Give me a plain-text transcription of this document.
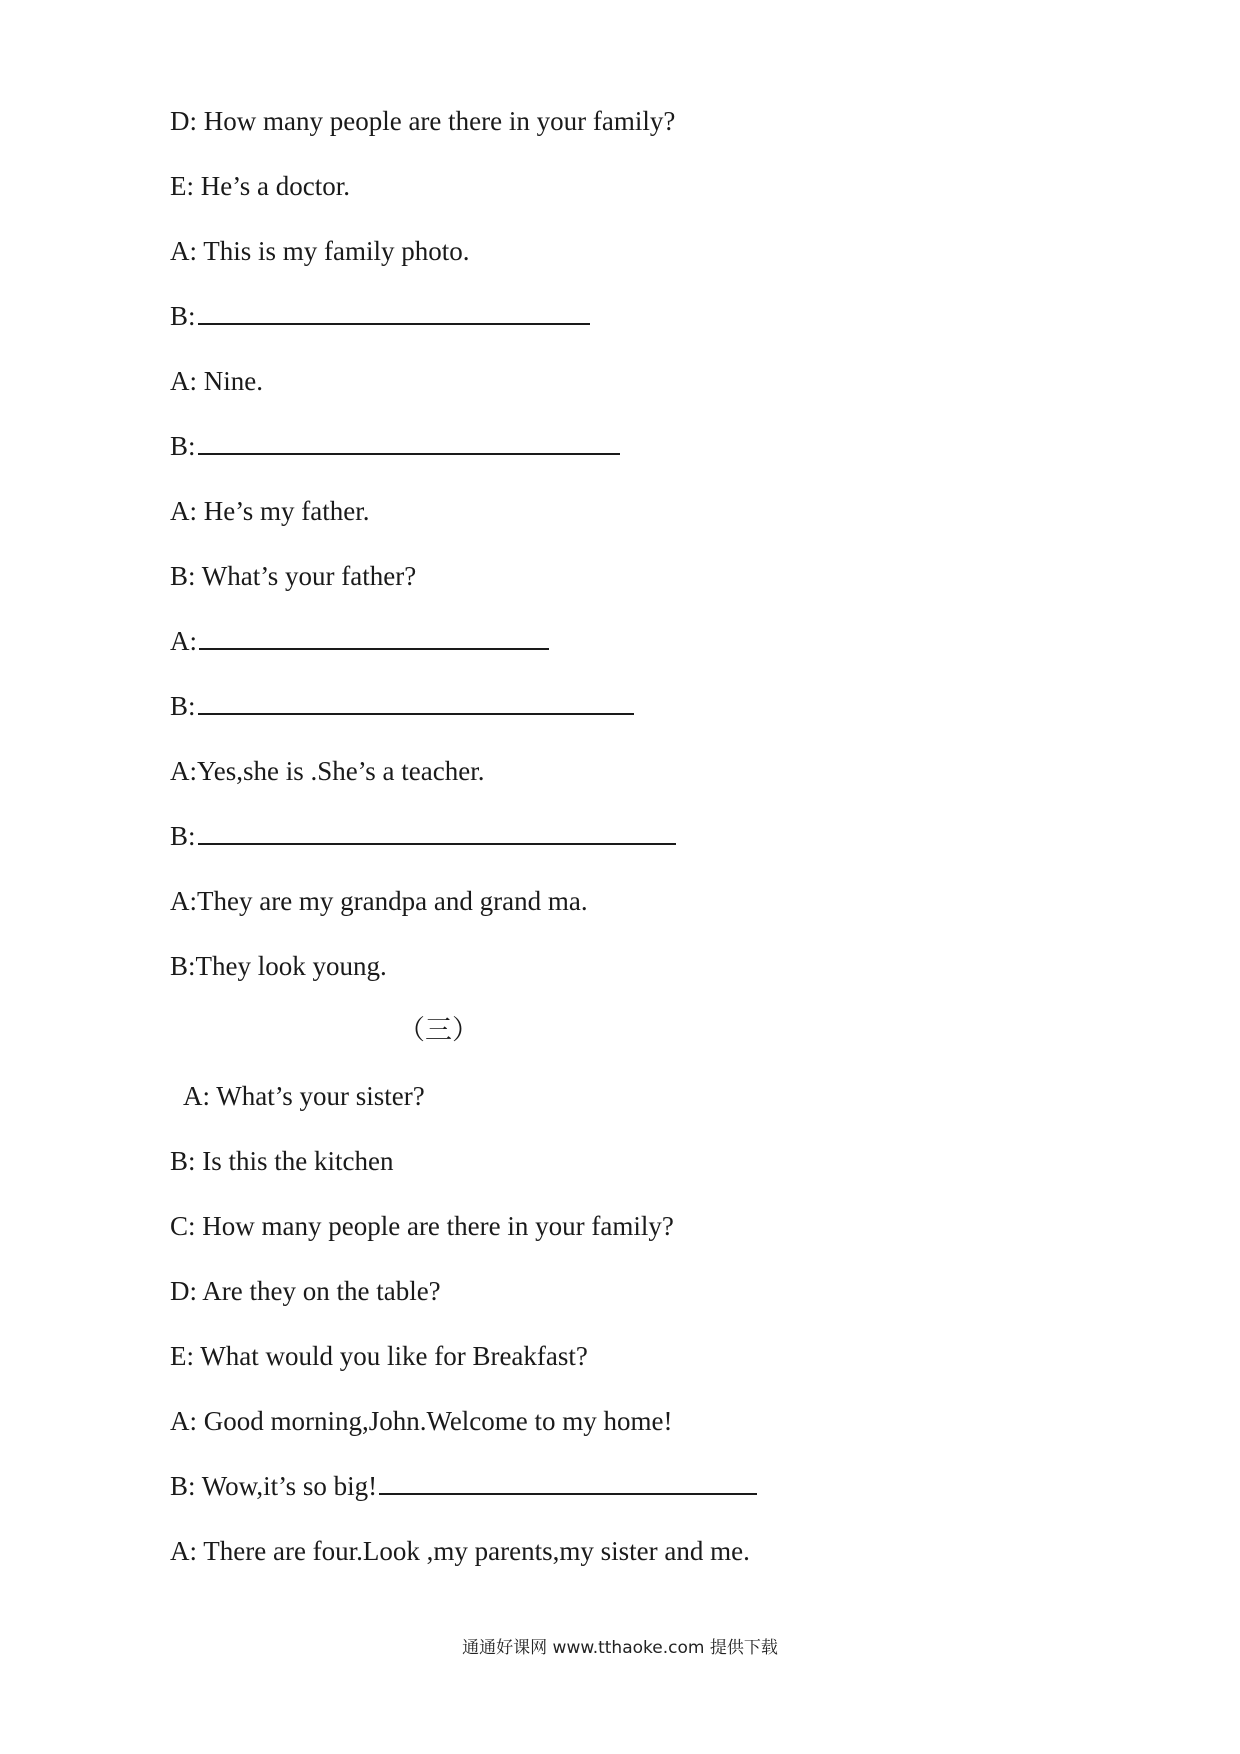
D: How many people are there in your family?
E: He’s a doctor.
A: This is my family photo.
B:
A: Nine.
B:
A: He’s my father.
B: What’s your father?
A:
B:
A:Yes,she is .She’s a teacher.
B:
A:They are my grandpa and grand ma.
B:They look young.
（三）
A: What’s your sister?
B: Is this the kitchen
C: How many people are there in your family?
D: Are they on the table?
E: What would you like for Breakfast?
A: Good morning,John.Welcome to my home!
B: Wow,it’s so big!
A: There are four.Look ,my parents,my sister and me.
通通好课网 www.tthaoke.com 提供下载
